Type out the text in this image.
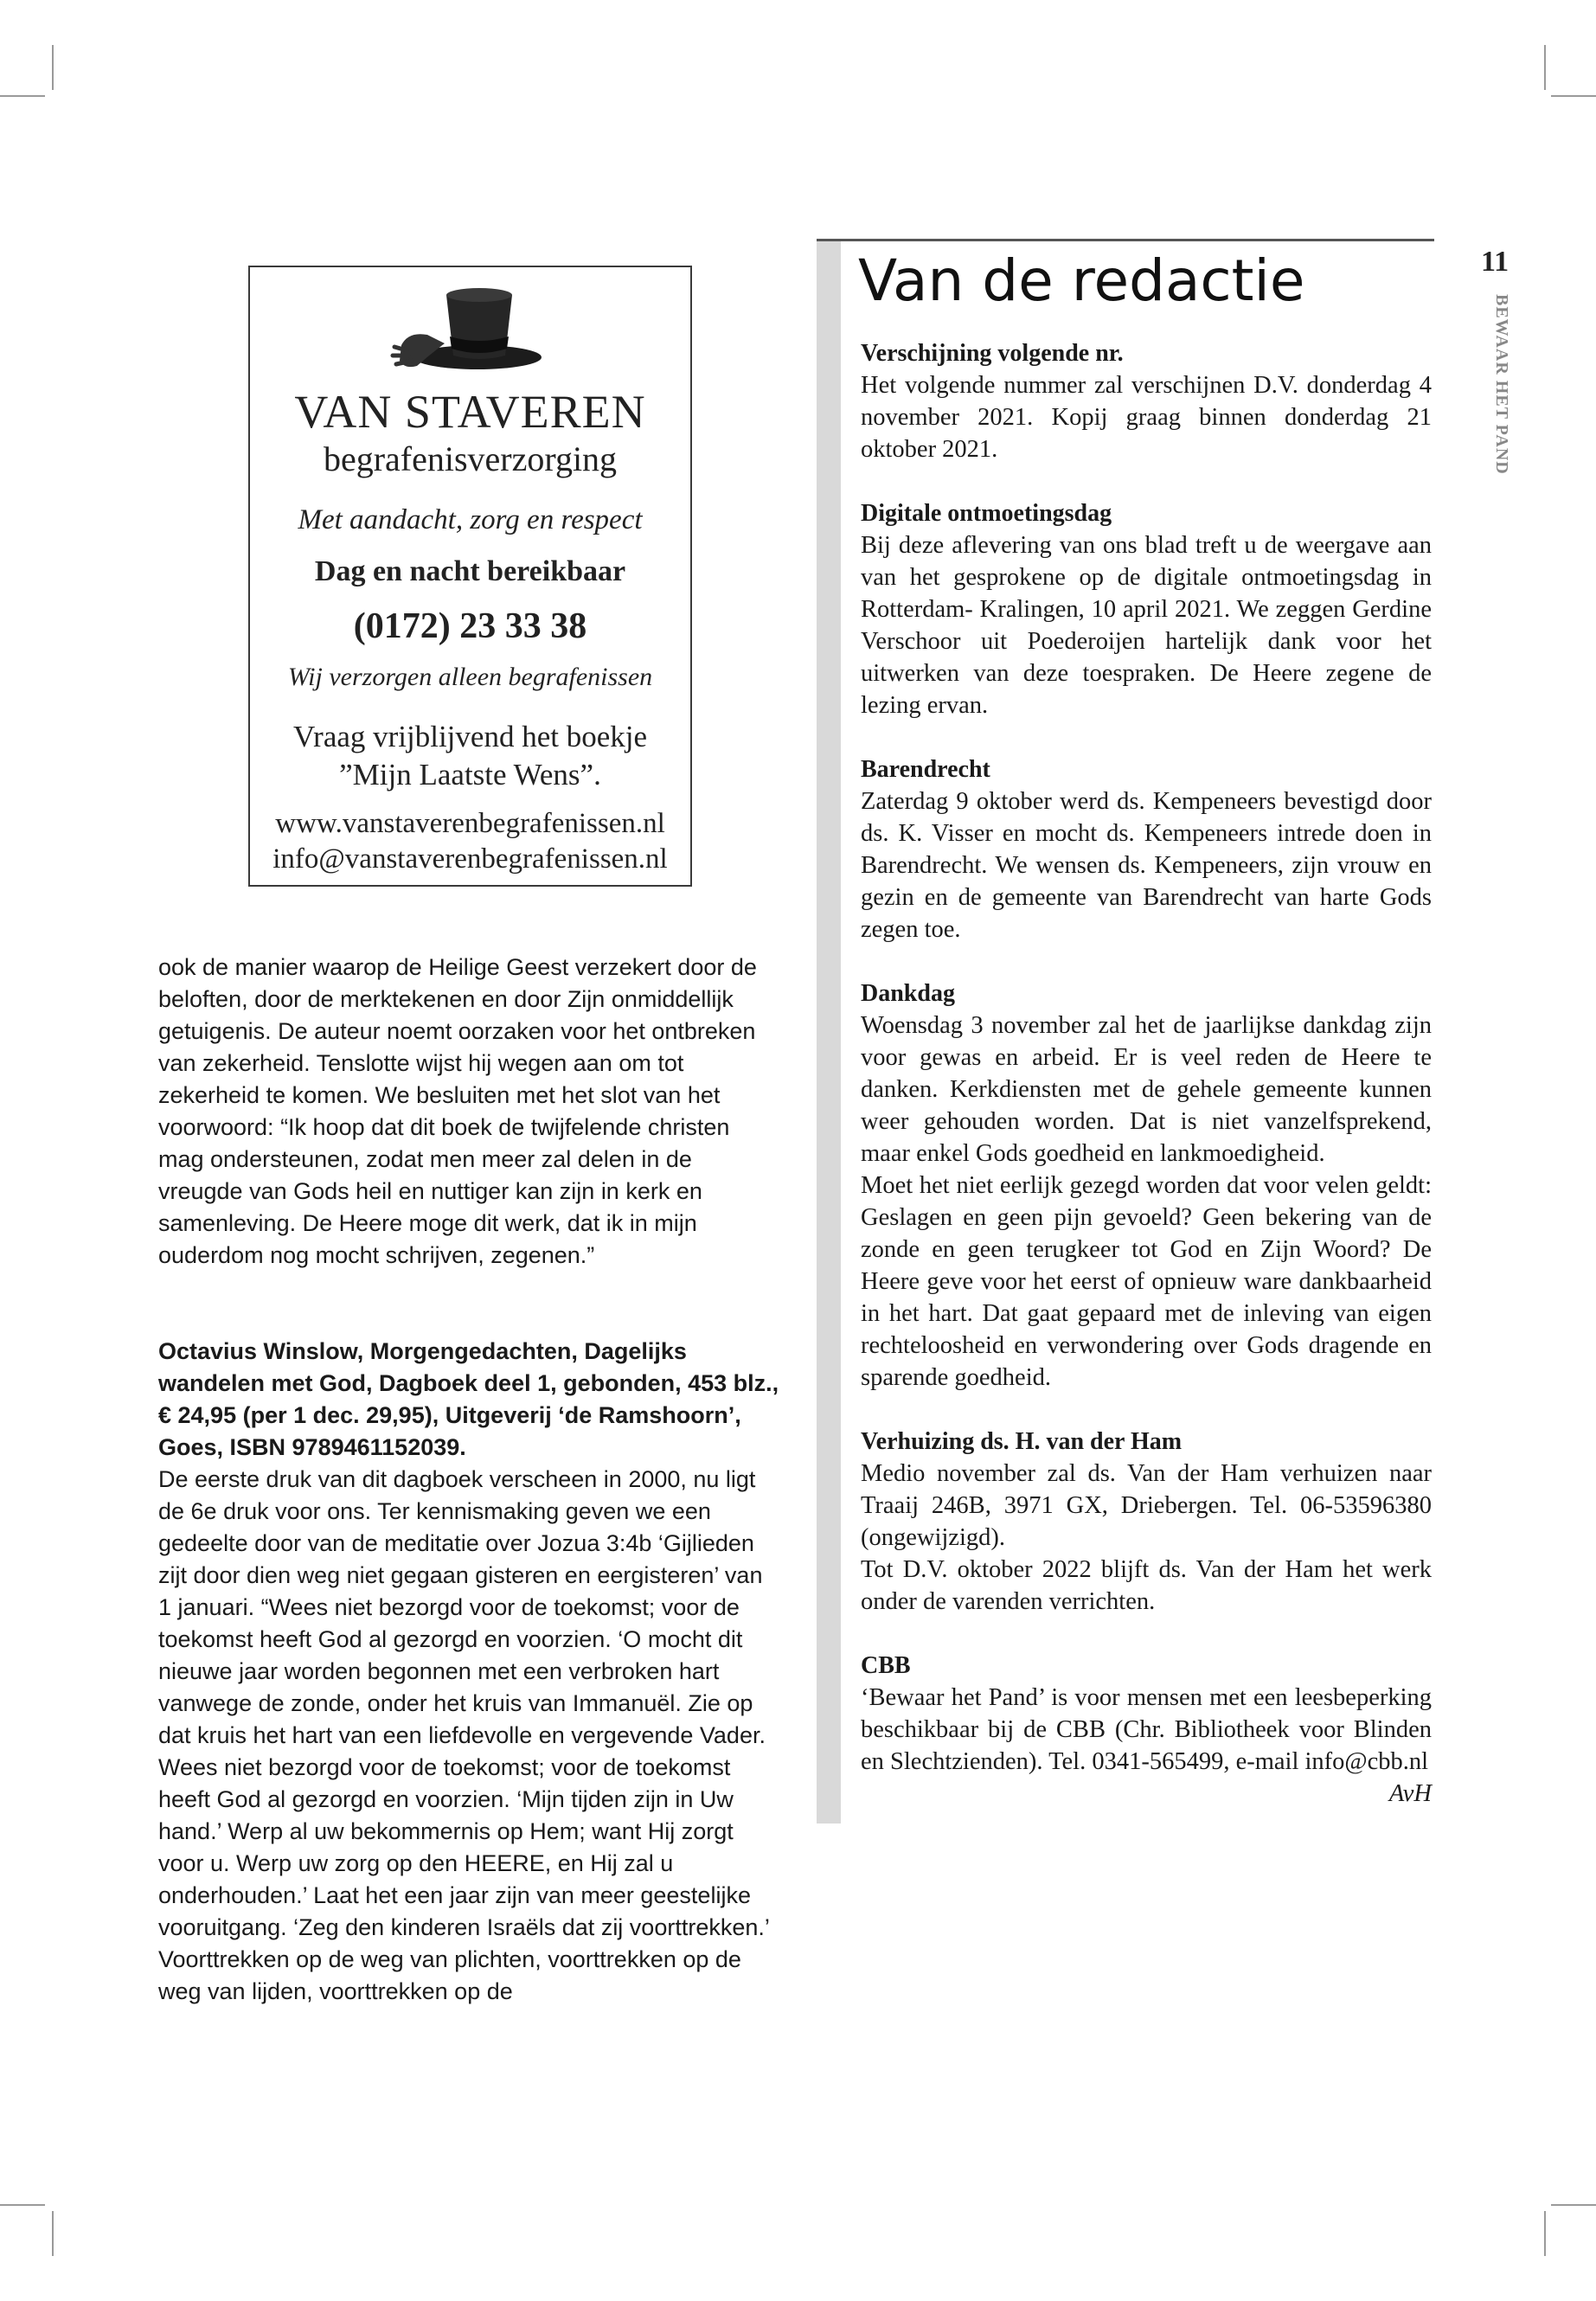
VAN STAVEREN
begrafenisverzorging
Met aandacht, zorg en respect
Dag en nacht bereikbaar
(0172) 23 33 38
Wij verzorgen alleen begrafenissen
Vraag vrijblijvend het boekje
”Mijn Laatste Wens”.
www.vanstaverenbegrafenissen.nl
info@vanstaverenbegrafenissen.nl

ook de manier waarop de Heilige Geest verzekert door de beloften, door de merktekenen en door Zijn onmiddellijk getuigenis. De auteur noemt oorzaken voor het ontbreken van zekerheid. Tenslotte wijst hij wegen aan om tot zekerheid te komen. We besluiten met het slot van het voorwoord: “Ik hoop dat dit boek de twijfelende christen mag ondersteunen, zodat men meer zal delen in de vreugde van Gods heil en nuttiger kan zijn in kerk en samenleving. De Heere moge dit werk, dat ik in mijn ouderdom nog mocht schrijven, zegenen.”

Octavius Winslow, Morgengedachten, Dagelijks wandelen met God, Dagboek deel 1, gebonden, 453 blz., € 24,95 (per 1 dec. 29,95), Uitgeverij ‘de Ramshoorn’, Goes, ISBN 9789461152039.

De eerste druk van dit dagboek verscheen in 2000, nu ligt de 6e druk voor ons. Ter kennismaking geven we een gedeelte door van de meditatie over Jozua 3:4b ‘Gijlieden zijt door dien weg niet gegaan gisteren en eergisteren’ van 1 januari. “Wees niet bezorgd voor de toekomst; voor de toekomst heeft God al gezorgd en voorzien. ‘O mocht dit nieuwe jaar worden begonnen met een verbroken hart vanwege de zonde, onder het kruis van Immanuël. Zie op dat kruis het hart van een liefdevolle en vergevende Vader. Wees niet bezorgd voor de toekomst; voor de toekomst heeft God al gezorgd en voorzien. ‘Mijn tijden zijn in Uw hand.’ Werp al uw bekommernis op Hem; want Hij zorgt voor u. Werp uw zorg op den HEERE, en Hij zal u onderhouden.’ Laat het een jaar zijn van meer geestelijke vooruitgang. ‘Zeg den kinderen Israëls dat zij voorttrekken.’ Voorttrekken op de weg van plichten, voorttrekken op de weg van lijden, voorttrekken op de

Van de redactie
Verschijning volgende nr.

Het volgende nummer zal verschijnen D.V. donderdag 4 november 2021. Kopij graag binnen donderdag 21 oktober 2021.

Digitale ontmoetingsdag

Bij deze aflevering van ons blad treft u de weergave aan van het gesprokene op de digitale ontmoetingsdag in Rotterdam- Kralingen, 10 april 2021. We zeggen Gerdine Verschoor uit Poederoijen hartelijk dank voor het uitwerken van deze toespraken. De Heere zegene de lezing ervan.

Barendrecht

Zaterdag 9 oktober werd ds. Kempeneers bevestigd door ds. K. Visser en mocht ds. Kempeneers intrede doen in Barendrecht. We wensen ds. Kempeneers, zijn vrouw en gezin en de gemeente van Barendrecht van harte Gods zegen toe.

Dankdag

Woensdag 3 november zal het de jaarlijkse dankdag zijn voor gewas en arbeid. Er is veel reden de Heere te danken. Kerkdiensten met de gehele gemeente kunnen weer gehouden worden. Dat is niet vanzelfsprekend, maar enkel Gods goedheid en lankmoedigheid.

Moet het niet eerlijk gezegd worden dat voor velen geldt: Geslagen en geen pijn gevoeld? Geen bekering van de zonde en geen terugkeer tot God en Zijn Woord? De Heere geve voor het eerst of opnieuw ware dankbaarheid in het hart. Dat gaat gepaard met de inleving van eigen rechteloosheid en verwondering over Gods dragende en sparende goedheid.

Verhuizing ds. H. van der Ham

Medio november zal ds. Van der Ham verhuizen naar Traaij 246B, 3971 GX, Driebergen. Tel. 06-53596380 (ongewijzigd).

Tot D.V. oktober 2022 blijft ds. Van der Ham het werk onder de varenden verrichten.

CBB

‘Bewaar het Pand’ is voor mensen met een leesbeperking beschikbaar bij de CBB (Chr. Bibliotheek voor Blinden en Slechtzienden). Tel. 0341-565499, e-mail info@cbb.nl

AvH
11
BEWAAR HET PAND
